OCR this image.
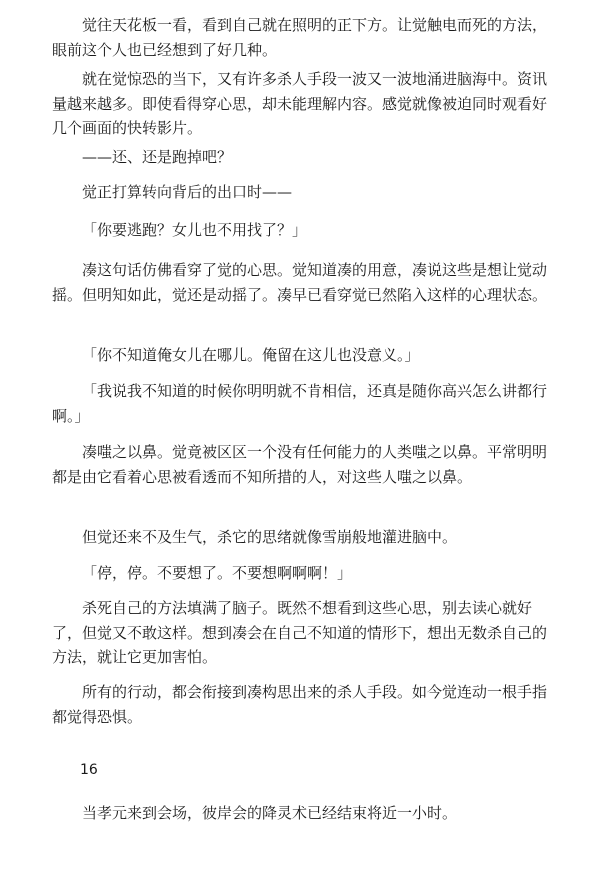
觉往天花板一看，看到自己就在照明的正下方。让觉触电而死的方法，眼前这个人也已经想到了好几种。

就在觉惊恐的当下，又有许多杀人手段一波又一波地涌进脑海中。资讯量越来越多。即使看得穿心思，却未能理解内容。感觉就像被迫同时观看好几个画面的快转影片。

——还、还是跑掉吧？

觉正打算转向背后的出口时——

「你要逃跑？女儿也不用找了？」

凑这句话仿佛看穿了觉的心思。觉知道凑的用意，凑说这些是想让觉动摇。但明知如此，觉还是动摇了。凑早已看穿觉已然陷入这样的心理状态。

「你不知道俺女儿在哪儿。俺留在这儿也没意义。」

「我说我不知道的时候你明明就不肯相信，还真是随你高兴怎么讲都行啊。」

凑嗤之以鼻。觉竟被区区一个没有任何能力的人类嗤之以鼻。平常明明都是由它看着心思被看透而不知所措的人，对这些人嗤之以鼻。

但觉还来不及生气，杀它的思绪就像雪崩般地灌进脑中。

「停，停。不要想了。不要想啊啊啊！」

杀死自己的方法填满了脑子。既然不想看到这些心思，别去读心就好了，但觉又不敢这样。想到凑会在自己不知道的情形下，想出无数杀自己的方法，就让它更加害怕。

所有的行动，都会衔接到凑构思出来的杀人手段。如今觉连动一根手指都觉得恐惧。

16

当孝元来到会场，彼岸会的降灵术已经结束将近一小时。
